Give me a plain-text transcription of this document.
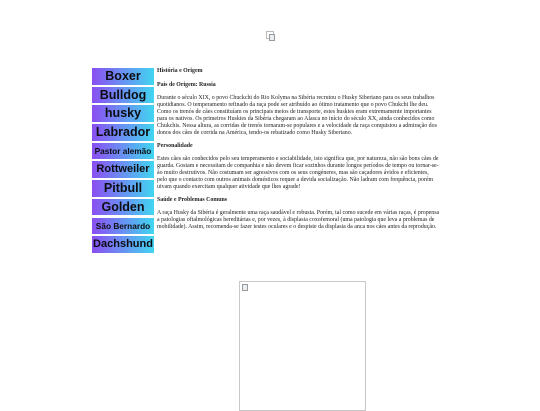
Boxer
Bulldog
husky
Labrador
Pastor alemão
Rottweiler
Pitbull
Golden
São Bernardo
Dachshund
História e Origem
País de Origem: Russia

Durante o século XIX, o povo Chuckchi do Rio Kolyma na Sibéria recrutou o Husky Siberiano para os seus trabalhos quotidianos. O temperamento refinado da raça pode ser atribuído ao ótimo tratamento que o povo Chukchi lhe deu. Como os trenós de cães constituíam os principais meios de transporte, estes huskies eram extremamente importantes para os nativos. Os primeiros Huskies da Sibéria chegaram ao Alasca no início do século XX, ainda conhecidos como Chukchis. Nessa altura, as corridas de trenós tornaram-se populares e a velocidade da raça conquistou a admiração dos donos dos cães de corrida na América, tendo-os rebatizado como Husky Siberiano.

Personalidade

Estes cães são conhecidos pelo seu temperamento e sociabilidade, isto significa que, por natureza, não são bons cães de guarda. Gostam e necessitam de companhia e não devem ficar sozinhos durante longos períodos de tempo ou tornar-se-ão muito destrutivos. Não costumam ser agressivos com os seus congéneres, mas são caçadores ávidos e eficientes, pelo que o contacto com outros animais domésticos requer a devida socialização. Não ladram com frequência, porém uivam quando exercitam qualquer atividade que lhes agrade!

Saúde e Problemas Comuns

A raça Husky da Sibéria é geralmente uma raça saudável e robusta. Porém, tal como sucede em várias raças, é propensa a patologias oftalmológicas hereditárias e, por vezes, à displasia coxofemoral (uma patologia que leva a problemas de mobilidade). Assim, recomenda-se fazer testes oculares e o despiste da displasia da anca nos cães antes da reprodução.
